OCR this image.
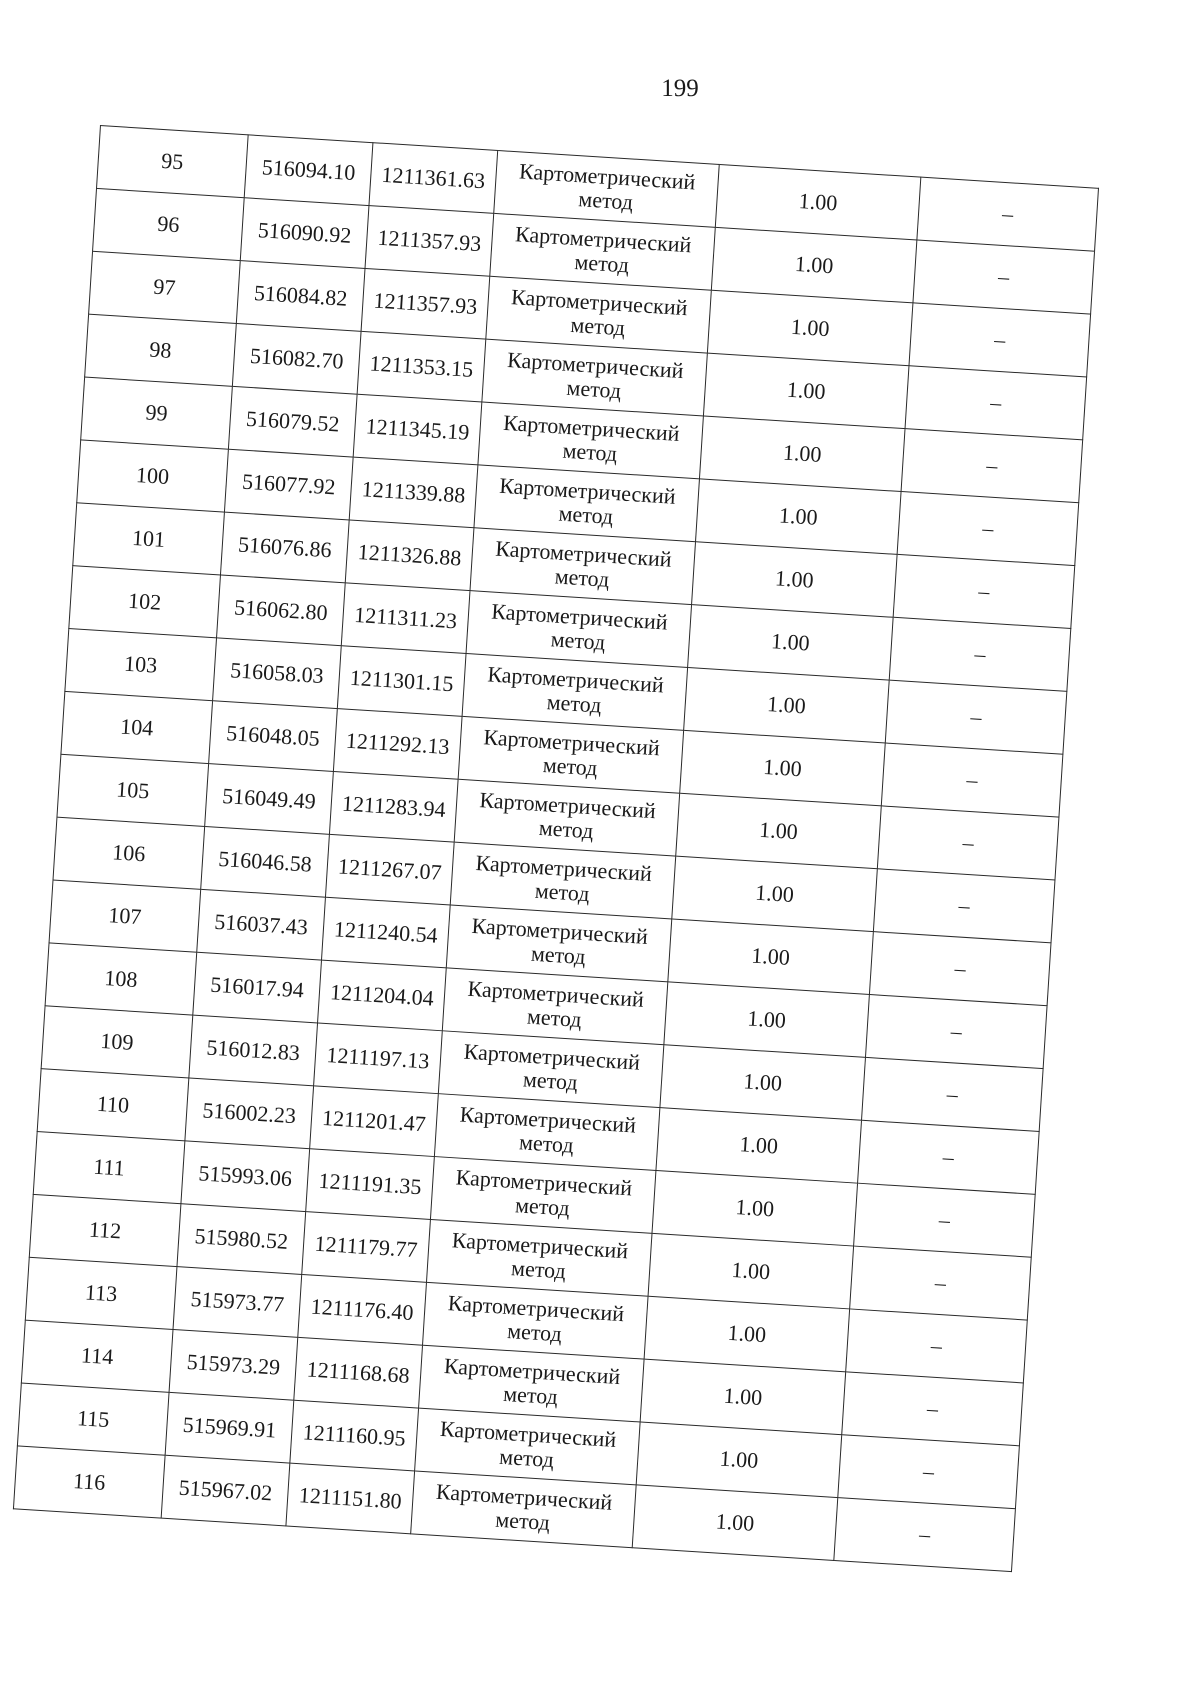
199
95	516094.10	1211361.63	Картометрический
метод	1.00	–
96	516090.92	1211357.93	Картометрический
метод	1.00	–
97	516084.82	1211357.93	Картометрический
метод	1.00	–
98	516082.70	1211353.15	Картометрический
метод	1.00	–
99	516079.52	1211345.19	Картометрический
метод	1.00	–
100	516077.92	1211339.88	Картометрический
метод	1.00	–
101	516076.86	1211326.88	Картометрический
метод	1.00	–
102	516062.80	1211311.23	Картометрический
метод	1.00	–
103	516058.03	1211301.15	Картометрический
метод	1.00	–
104	516048.05	1211292.13	Картометрический
метод	1.00	–
105	516049.49	1211283.94	Картометрический
метод	1.00	–
106	516046.58	1211267.07	Картометрический
метод	1.00	–
107	516037.43	1211240.54	Картометрический
метод	1.00	–
108	516017.94	1211204.04	Картометрический
метод	1.00	–
109	516012.83	1211197.13	Картометрический
метод	1.00	–
110	516002.23	1211201.47	Картометрический
метод	1.00	–
111	515993.06	1211191.35	Картометрический
метод	1.00	–
112	515980.52	1211179.77	Картометрический
метод	1.00	–
113	515973.77	1211176.40	Картометрический
метод	1.00	–
114	515973.29	1211168.68	Картометрический
метод	1.00	–
115	515969.91	1211160.95	Картометрический
метод	1.00	–
116	515967.02	1211151.80	Картометрический
метод	1.00	–
